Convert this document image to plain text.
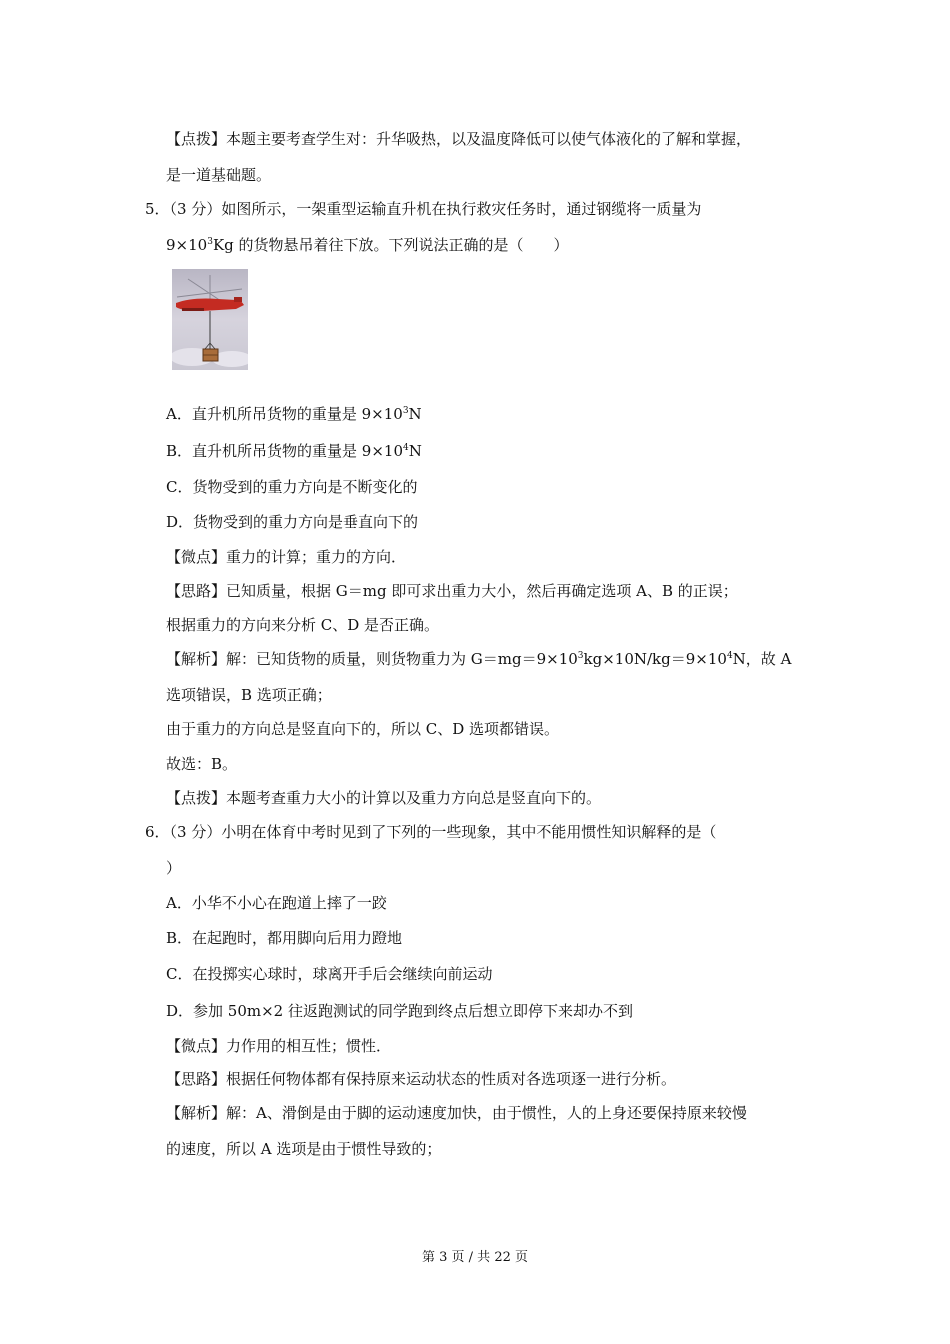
【点拨】本题主要考查学生对：升华吸热，以及温度降低可以使气体液化的了解和掌握，
是一道基础题。
5．（3 分）如图所示，一架重型运输直升机在执行救灾任务时，通过钢缆将一质量为
$9\times 10^3Kg$ 的货物悬吊着往下放。下列说法正确的是（　　）
A．直升机所吊货物的重量是 $9\times 10^3N$
B．直升机所吊货物的重量是 $9\times 10^4N$
C．货物受到的重力方向是不断变化的
D．货物受到的重力方向是垂直向下的
【微点】重力的计算；重力的方向．
【思路】已知质量，根据 G＝mg 即可求出重力大小，然后再确定选项 A、B 的正误；
根据重力的方向来分析 C、D 是否正确。
【解析】解：已知货物的质量，则货物重力为 $G=mg=9\times 10^3kg\times 10N/kg=9\times 10^4N$，故 A
选项错误，B 选项正确；
由于重力的方向总是竖直向下的，所以 C、D 选项都错误。
故选：B。
【点拨】本题考查重力大小的计算以及重力方向总是竖直向下的。
6．（3 分）小明在体育中考时见到了下列的一些现象，其中不能用惯性知识解释的是（
）
A．小华不小心在跑道上摔了一跤
B．在起跑时，都用脚向后用力蹬地
C．在投掷实心球时，球离开手后会继续向前运动
D．参加 50m×2 往返跑测试的同学跑到终点后想立即停下来却办不到
【微点】力作用的相互性；惯性．
【思路】根据任何物体都有保持原来运动状态的性质对各选项逐一进行分析。
【解析】解：A、滑倒是由于脚的运动速度加快，由于惯性，人的上身还要保持原来较慢
的速度，所以 A 选项是由于惯性导致的；
第 3 页 / 共 22 页
